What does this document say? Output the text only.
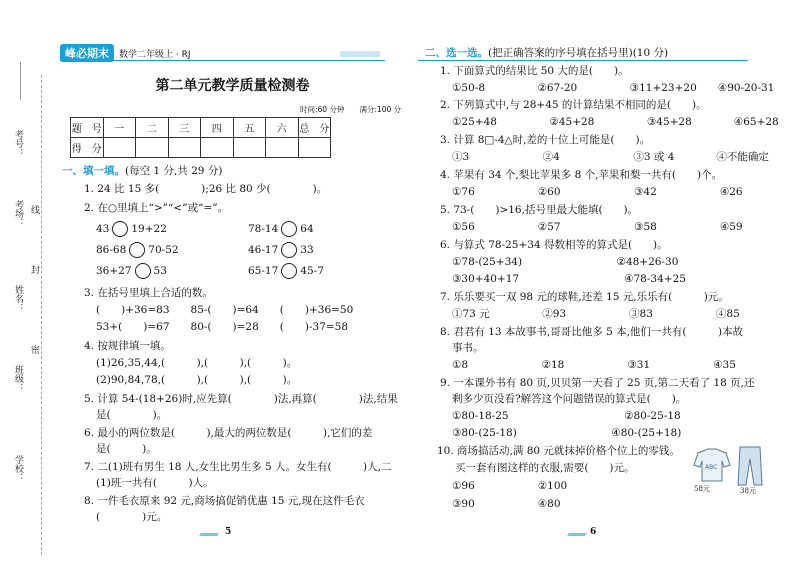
考号：
考场： 线
封
姓名：
密
班级：
学校：
峰必期末	数学二年级上 · RJ
第二单元教学质量检测卷
时间:60 分钟　　满分:100 分
题　号	一	二	三	四	五	六	总　分
得　分							
一、填一填。(每空 1 分,共 29 分)
1. 24 比 15 多(　　　　);26 比 80 少(　　　　)。
2. 在○里填上“>”“<”或“=”。
43 19+22	78-14 64
86-68 70-52	46-17 33
36+27 53	65-17 45-7
3. 在括号里填上合适的数。
(　　)+36=83　　85-(　　)=64　　(　　)+36=50
53+(　　)=67　　80-(　　)=28　　(　　)-37=58
4. 按规律填一填。
(1)26,35,44,(　　　),(　　　),(　　　)。
(2)90,84,78,(　　　),(　　　),(　　　)。
5. 计算 54-(18+26)时,应先算(　　　　)法,再算(　　　　)法,结果
是(　　　　)。
6. 最小的两位数是(　　　),最大的两位数是(　　　),它们的差
是(　　　)。
7. 二(1)班有男生 18 人,女生比男生多 5 人。女生有(　　　)人,二
(1)班一共有(　　　)人。
8. 一件毛衣原来 92 元,商场搞促销优惠 15 元,现在这件毛衣
(　　　　)元。
5
二、选一选。(把正确答案的序号填在括号里)(10 分)
1. 下面算式的结果比 50 大的是(　　)。
①50-8　　　　　②67-20　　　　　③11+23+20　　④90-20-31
2. 下列算式中,与 28+45 的计算结果不相同的是(　　)。
①25+48　　　　　②45+28　　　　　③45+28　　　　④65+28
3. 计算 8□-4△时,差的十位上可能是(　　)。
①3　　　　　　　②4　　　　　　　③3 或 4　　　　④不能确定
4. 苹果有 34 个,梨比苹果多 8 个,苹果和梨一共有(　　)个。
①76　　　　　　②60　　　　　　　③42　　　　　　④26
5. 73-(　　)>16,括号里最大能填(　　)。
①56　　　　　　②57　　　　　　　③58　　　　　　④59
6. 与算式 78-25+34 得数相等的算式是(　　)。
①78-(25+34)　　　　　　　　　②48+26-30
③30+40+17　　　　　　　　　　④78-34+25
7. 乐乐要买一双 98 元的球鞋,还差 15 元,乐乐有(　　　)元。
①73 元　　　　　②93　　　　　　③83　　　　　　④85
8. 君君有 13 本故事书,哥哥比他多 5 本,他们一共有(　　　)本故
事书。
①8　　　　　　　②18　　　　　　③31　　　　　　④35
9. 一本课外书有 80 页,贝贝第一天看了 25 页,第二天看了 18 页,还
剩多少页没看?解答这个问题错误的算式是(　　)。
①80-18-25　　　　　　　　　　　②80-25-18
③80-(25-18)　　　　　　　　　④80-(25+18)
10. 商场搞活动,满 80 元就抹掉价格个位上的零钱。
买一套有图这样的衣服,需要(　　)元。
①96　　　　　　②100
③90　　　　　　④80
ABC
58元	38元
6
